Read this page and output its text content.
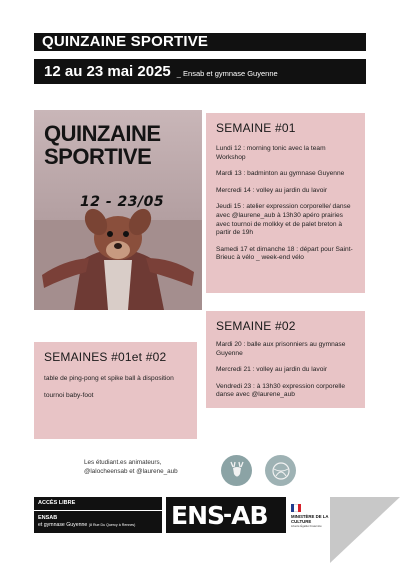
QUINZAINE SPORTIVE
12 au 23 mai 2025 _ Ensab et gymnase Guyenne
QUINZAINE
SPORTIVE
12 - 23/05
SEMAINE #01

Lundi 12 : morning tonic avec la team Workshop

Mardi 13 : badminton au gymnase Guyenne

Mercredi 14 : volley au jardin du lavoir

Jeudi 15 : atelier expression corporelle/ danse avec @laurene_aub à 13h30 apéro prairies avec tournoi de molkky et de palet breton à partir de 19h

Samedi 17 et dimanche 18 : départ pour Saint-Brieuc à vélo _ week-end vélo

SEMAINE #02

Mardi 20 : balle aux prisonniers au gymnase Guyenne

Mercredi 21 : volley au jardin du lavoir

Vendredi 23 : à 13h30 expression corporelle danse avec @laurene_aub

SEMAINES #01et #02

table de ping-pong et spike ball à disposition

tournoi baby-foot

Les étudiant.es animateurs,
@lalocheensab et @laurene_aub
ACCÈS LIBRE
ENSAB
et gymnase Guyenne (8 Rue Du Quercy à Rennes) ENS - AB	MINISTÈRE DE LA CULTURE
Liberté Égalité Fraternité
